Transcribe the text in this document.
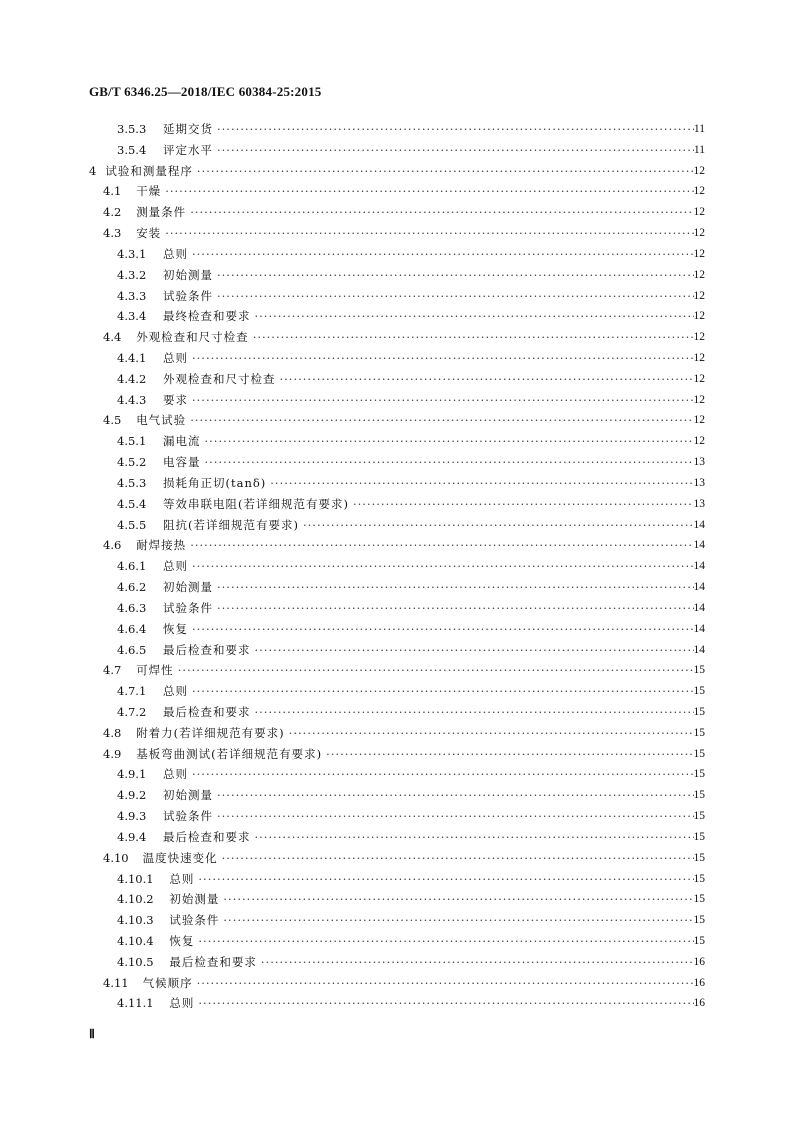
GB/T 6346.25—2018/IEC 60384-25:2015
3.5.3 延期交货 ·····	11
3.5.4 评定水平 ·····	11
4 试验和测量程序 ·····	12
4.1 干燥 ·····	12
4.2 测量条件 ·····	12
4.3 安装 ·····	12
4.3.1 总则 ·····	12
4.3.2 初始测量 ·····	12
4.3.3 试验条件 ·····	12
4.3.4 最终检查和要求 ·····	12
4.4 外观检查和尺寸检查 ·····	12
4.4.1 总则 ·····	12
4.4.2 外观检查和尺寸检查 ·····	12
4.4.3 要求 ·····	12
4.5 电气试验 ·····	12
4.5.1 漏电流 ·····	12
4.5.2 电容量 ·····	13
4.5.3 损耗角正切(tanδ) ·····	13
4.5.4 等效串联电阻(若详细规范有要求) ·····	13
4.5.5 阻抗(若详细规范有要求) ·····	14
4.6 耐焊接热 ·····	14
4.6.1 总则 ·····	14
4.6.2 初始测量 ·····	14
4.6.3 试验条件 ·····	14
4.6.4 恢复 ·····	14
4.6.5 最后检查和要求 ·····	14
4.7 可焊性 ·····	15
4.7.1 总则 ·····	15
4.7.2 最后检查和要求 ·····	15
4.8 附着力(若详细规范有要求) ·····	15
4.9 基板弯曲测试(若详细规范有要求) ·····	15
4.9.1 总则 ·····	15
4.9.2 初始测量 ·····	15
4.9.3 试验条件 ·····	15
4.9.4 最后检查和要求 ·····	15
4.10 温度快速变化 ·····	15
4.10.1 总则 ·····	15
4.10.2 初始测量 ·····	15
4.10.3 试验条件 ·····	15
4.10.4 恢复 ·····	15
4.10.5 最后检查和要求 ·····	16
4.11 气候顺序 ·····	16
4.11.1 总则 ·····	16
Ⅱ
